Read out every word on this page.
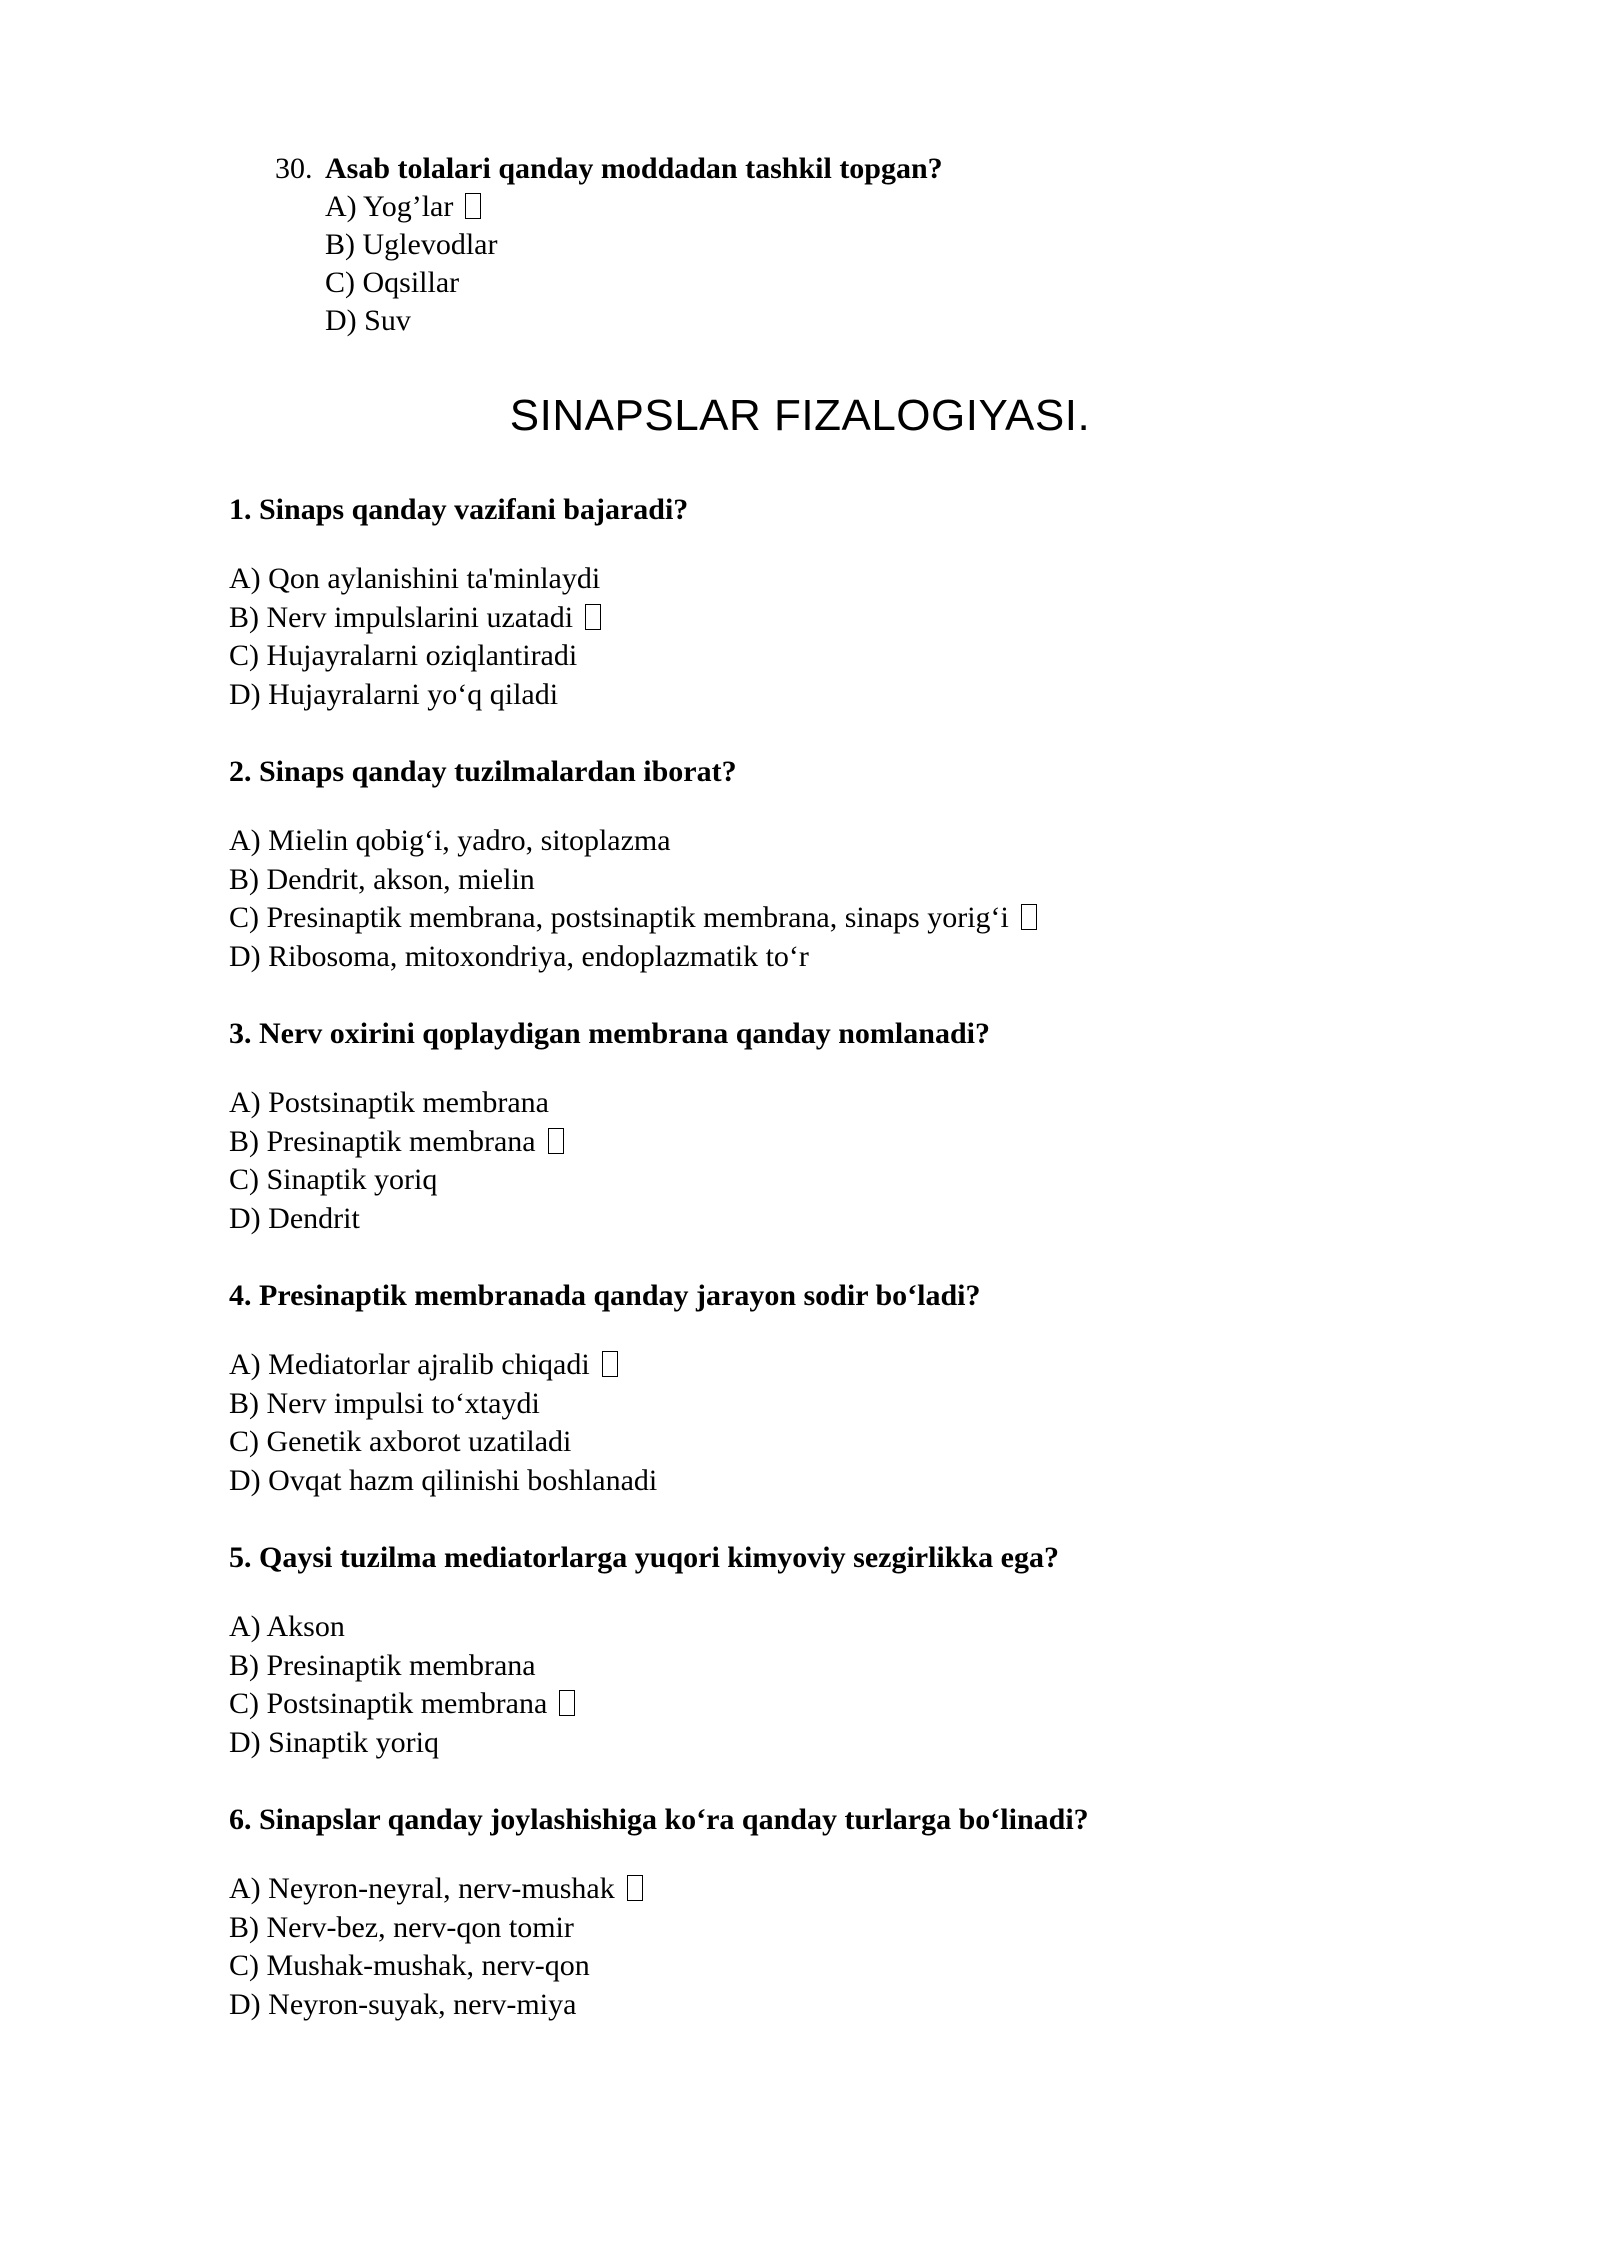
30. Asab tolalari qanday moddadan tashkil topgan?
A) Yog’lar
B) Uglevodlar
C) Oqsillar
D) Suv
SINAPSLAR FIZALOGIYASI.
1. Sinaps qanday vazifani bajaradi?
A) Qon aylanishini ta'minlaydi
B) Nerv impulslarini uzatadi
C) Hujayralarni oziqlantiradi
D) Hujayralarni yo‘q qiladi
2. Sinaps qanday tuzilmalardan iborat?
A) Mielin qobig‘i, yadro, sitoplazma
B) Dendrit, akson, mielin
C) Presinaptik membrana, postsinaptik membrana, sinaps yorig‘i
D) Ribosoma, mitoxondriya, endoplazmatik to‘r
3. Nerv oxirini qoplaydigan membrana qanday nomlanadi?
A) Postsinaptik membrana
B) Presinaptik membrana
C) Sinaptik yoriq
D) Dendrit
4. Presinaptik membranada qanday jarayon sodir bo‘ladi?
A) Mediatorlar ajralib chiqadi
B) Nerv impulsi to‘xtaydi
C) Genetik axborot uzatiladi
D) Ovqat hazm qilinishi boshlanadi
5. Qaysi tuzilma mediatorlarga yuqori kimyoviy sezgirlikka ega?
A) Akson
B) Presinaptik membrana
C) Postsinaptik membrana
D) Sinaptik yoriq
6. Sinapslar qanday joylashishiga ko‘ra qanday turlarga bo‘linadi?
A) Neyron-neyral, nerv-mushak
B) Nerv-bez, nerv-qon tomir
C) Mushak-mushak, nerv-qon
D) Neyron-suyak, nerv-miya
